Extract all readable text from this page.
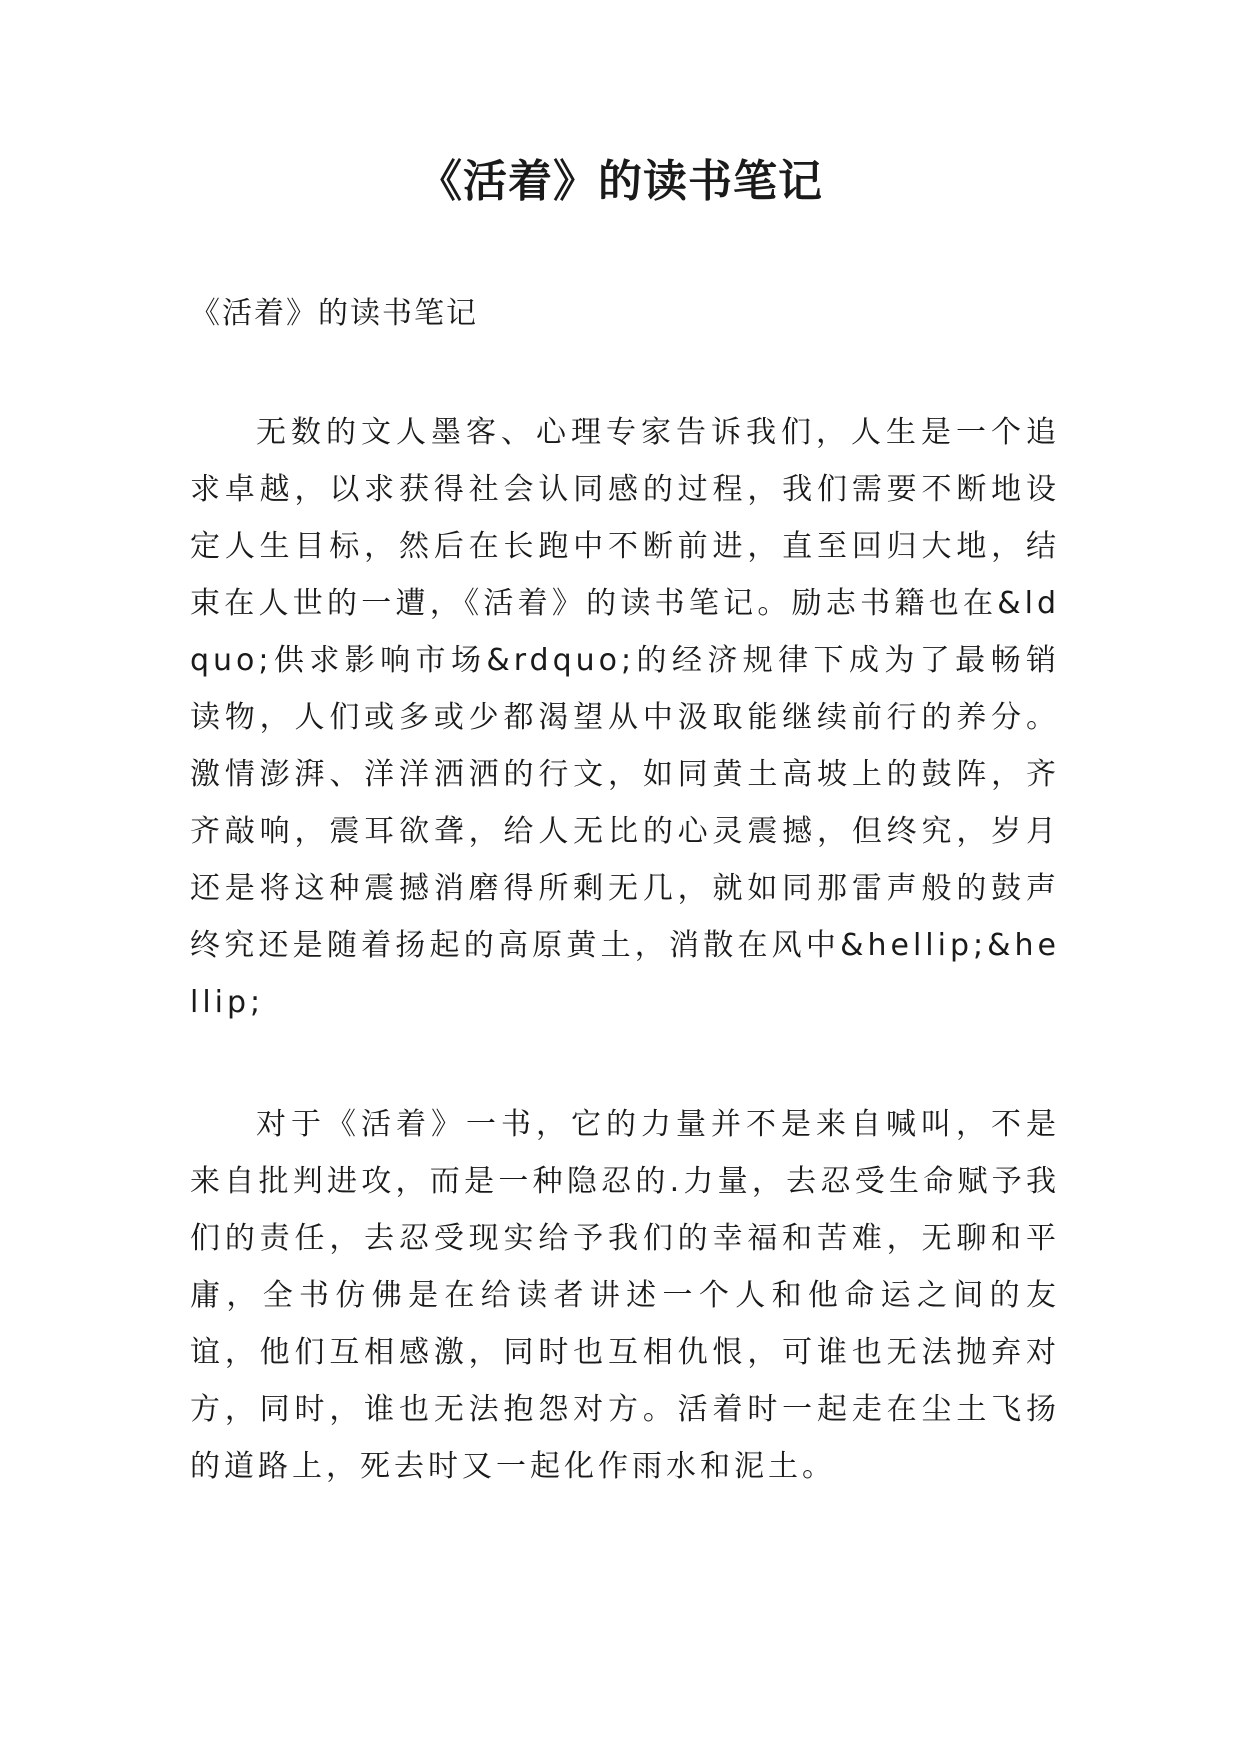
《活着》的读书笔记
《活着》的读书笔记

无数的文人墨客、心理专家告诉我们，人生是一个追求卓越，以求获得社会认同感的过程，我们需要不断地设定人生目标，然后在长跑中不断前进，直至回归大地，结束在人世的一遭，《活着》的读书笔记。励志书籍也在&ldquo;供求影响市场&rdquo;的经济规律下成为了最畅销读物，人们或多或少都渴望从中汲取能继续前行的养分。激情澎湃、洋洋洒洒的行文，如同黄土高坡上的鼓阵，齐齐敲响，震耳欲聋，给人无比的心灵震撼，但终究，岁月还是将这种震撼消磨得所剩无几，就如同那雷声般的鼓声终究还是随着扬起的高原黄土，消散在风中&hellip;&hellip;

对于《活着》一书，它的力量并不是来自喊叫，不是来自批判进攻，而是一种隐忍的.力量，去忍受生命赋予我们的责任，去忍受现实给予我们的幸福和苦难，无聊和平庸，全书仿佛是在给读者讲述一个人和他命运之间的友谊，他们互相感激，同时也互相仇恨，可谁也无法抛弃对方，同时，谁也无法抱怨对方。活着时一起走在尘土飞扬的道路上，死去时又一起化作雨水和泥土。
